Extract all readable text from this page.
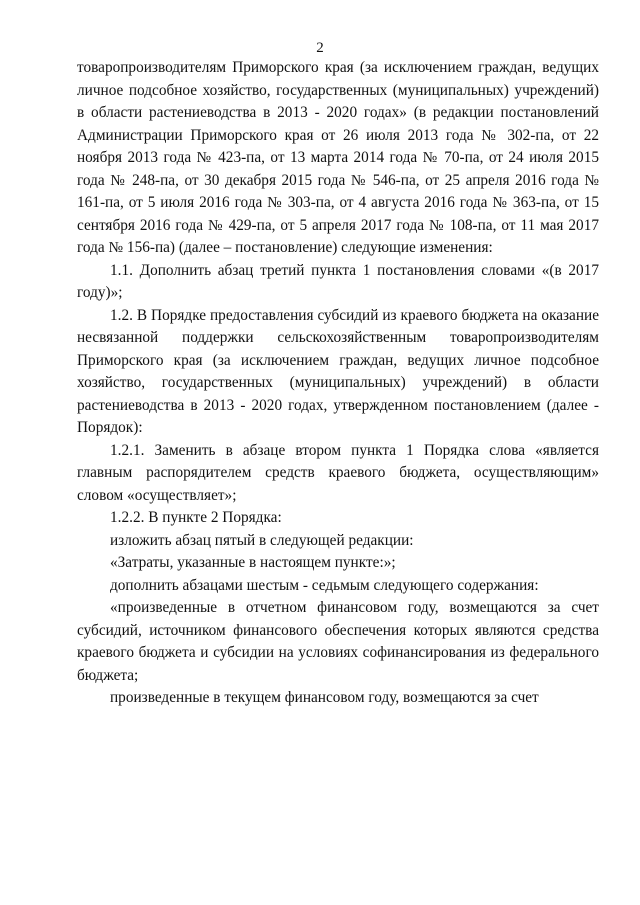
2

товаропроизводителям Приморского края (за исключением граждан, ведущих личное подсобное хозяйство, государственных (муниципальных) учреждений) в области растениеводства в 2013 - 2020 годах» (в редакции постановлений Администрации Приморского края от 26 июля 2013 года № 302-па, от 22 ноября 2013 года № 423-па, от 13 марта 2014 года № 70-па, от 24 июля 2015 года № 248-па, от 30 декабря 2015 года № 546-па, от 25 апреля 2016 года № 161-па, от 5 июля 2016 года № 303-па, от 4 августа 2016 года № 363-па, от 15 сентября 2016 года № 429-па, от 5 апреля 2017 года № 108-па, от 11 мая 2017 года № 156-па) (далее – постановление) следующие изменения:

1.1. Дополнить абзац третий пункта 1 постановления словами «(в 2017 году)»;

1.2. В Порядке предоставления субсидий из краевого бюджета на оказание несвязанной поддержки сельскохозяйственным товаропроизводителям Приморского края (за исключением граждан, ведущих личное подсобное хозяйство, государственных (муниципальных) учреждений) в области растениеводства в 2013 - 2020 годах, утвержденном постановлением (далее - Порядок):

1.2.1. Заменить в абзаце втором пункта 1 Порядка слова «является главным распорядителем средств краевого бюджета, осуществляющим» словом «осуществляет»;

1.2.2. В пункте 2 Порядка:

изложить абзац пятый в следующей редакции:

«Затраты, указанные в настоящем пункте:»;

дополнить абзацами шестым - седьмым следующего содержания:

«произведенные в отчетном финансовом году, возмещаются за счет субсидий, источником финансового обеспечения которых являются средства краевого бюджета и субсидии на условиях софинансирования из федерального бюджета;

произведенные в текущем финансовом году, возмещаются за счет
